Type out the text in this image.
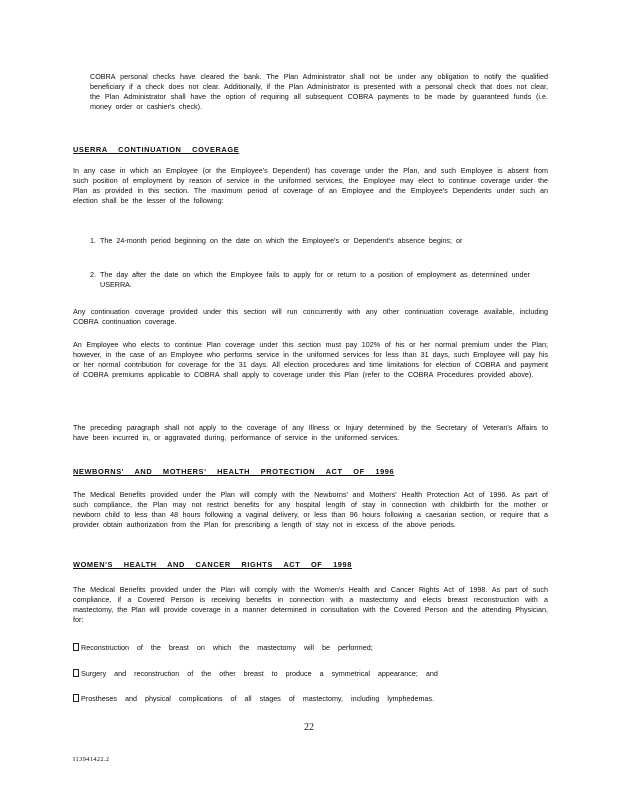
COBRA personal checks have cleared the bank. The Plan Administrator shall not be under any obligation to notify the qualified beneficiary if a check does not clear. Additionally, if the Plan Administrator is presented with a personal check that does not clear, the Plan Administrator shall have the option of requiring all subsequent COBRA payments to be made by guaranteed funds (i.e. money order or cashier's check).
USERRA CONTINUATION COVERAGE
In any case in which an Employee (or the Employee's Dependent) has coverage under the Plan, and such Employee is absent from such position of employment by reason of service in the uniformed services, the Employee may elect to continue coverage under the Plan as provided in this section. The maximum period of coverage of an Employee and the Employee's Dependents under such an election shall be the lesser of the following:
1. The 24-month period beginning on the date on which the Employee's or Dependent's absence begins; or
2. The day after the date on which the Employee fails to apply for or return to a position of employment as determined under USERRA.
Any continuation coverage provided under this section will run concurrently with any other continuation coverage available, including COBRA continuation coverage.
An Employee who elects to continue Plan coverage under this section must pay 102% of his or her normal premium under the Plan; however, in the case of an Employee who performs service in the uniformed services for less than 31 days, such Employee will pay his or her normal contribution for coverage for the 31 days. All election procedures and time limitations for election of COBRA and payment of COBRA premiums applicable to COBRA shall apply to coverage under this Plan (refer to the COBRA Procedures provided above).
The preceding paragraph shall not apply to the coverage of any Illness or Injury determined by the Secretary of Veteran's Affairs to have been incurred in, or aggravated during, performance of service in the uniformed services.
NEWBORNS' AND MOTHERS' HEALTH PROTECTION ACT OF 1996
The Medical Benefits provided under the Plan will comply with the Newborns' and Mothers' Health Protection Act of 1996. As part of such compliance, the Plan may not restrict benefits for any hospital length of stay in connection with childbirth for the mother or newborn child to less than 48 hours following a vaginal delivery, or less than 96 hours following a caesarian section, or require that a provider obtain authorization from the Plan for prescribing a length of stay not in excess of the above periods.
WOMEN'S HEALTH AND CANCER RIGHTS ACT OF 1998
The Medical Benefits provided under the Plan will comply with the Women's Health and Cancer Rights Act of 1998. As part of such compliance, if a Covered Person is receiving benefits in connection with a mastectomy and elects breast reconstruction with a mastectomy, the Plan will provide coverage in a manner determined in consultation with the Covered Person and the attending Physician, for:
Reconstruction of the breast on which the mastectomy will be performed;
Surgery and reconstruction of the other breast to produce a symmetrical appearance; and
Prostheses and physical complications of all stages of mastectomy, including lymphedemas.
22
I13941422.2
